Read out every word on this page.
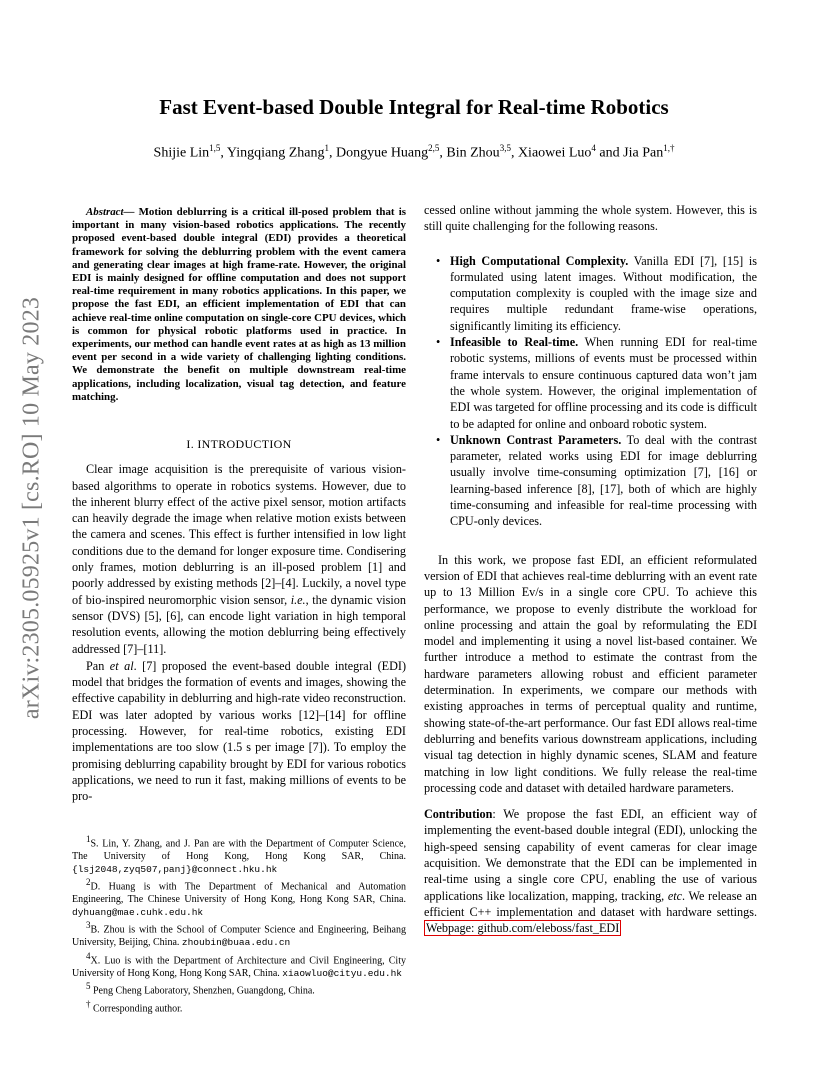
Fast Event-based Double Integral for Real-time Robotics
Shijie Lin$^{1,5}$, Yingqiang Zhang$^1$, Dongyue Huang$^{2,5}$, Bin Zhou$^{3,5}$, Xiaowei Luo$^4$ and Jia Pan$^{1,\dagger}$
arXiv:2305.05925v1 [cs.RO] 10 May 2023

Abstract— Motion deblurring is a critical ill-posed problem that is important in many vision-based robotics applications. The recently proposed event-based double integral (EDI) provides a theoretical framework for solving the deblurring problem with the event camera and generating clear images at high frame-rate. However, the original EDI is mainly designed for offline computation and does not support real-time requirement in many robotics applications. In this paper, we propose the fast EDI, an efficient implementation of EDI that can achieve real-time online computation on single-core CPU devices, which is common for physical robotic platforms used in practice. In experiments, our method can handle event rates at as high as 13 million event per second in a wide variety of challenging lighting conditions. We demonstrate the benefit on multiple downstream real-time applications, including localization, visual tag detection, and feature matching.

I. INTRODUCTION

Clear image acquisition is the prerequisite of various vision-based algorithms to operate in robotics systems. However, due to the inherent blurry effect of the active pixel sensor, motion artifacts can heavily degrade the image when relative motion exists between the camera and scenes. This effect is further intensified in low light conditions due to the demand for longer exposure time. Condisering only frames, motion deblurring is an ill-posed problem [1] and poorly addressed by existing methods [2]–[4]. Luckily, a novel type of bio-inspired neuromorphic vision sensor, i.e., the dynamic vision sensor (DVS) [5], [6], can encode light variation in high temporal resolution events, allowing the motion deblurring being effectively addressed [7]–[11].

Pan et al. [7] proposed the event-based double integral (EDI) model that bridges the formation of events and images, showing the effective capability in deblurring and high-rate video reconstruction. EDI was later adopted by various works [12]–[14] for offline processing. However, for real-time robotics, existing EDI implementations are too slow (1.5 s per image [7]). To employ the promising deblurring capability brought by EDI for various robotics applications, we need to run it fast, making millions of events to be pro-

$^1$S. Lin, Y. Zhang, and J. Pan are with the Department of Computer Science, The University of Hong Kong, Hong Kong SAR, China. {lsj2048,zyq507,panj}@connect.hku.hk

$^2$D. Huang is with The Department of Mechanical and Automation Engineering, The Chinese University of Hong Kong, Hong Kong SAR, China. dyhuang@mae.cuhk.edu.hk

$^3$B. Zhou is with the School of Computer Science and Engineering, Beihang University, Beijing, China. zhoubin@buaa.edu.cn

$^4$X. Luo is with the Department of Architecture and Civil Engineering, City University of Hong Kong, Hong Kong SAR, China. xiaowluo@cityu.edu.hk

$^5$ Peng Cheng Laboratory, Shenzhen, Guangdong, China.

† Corresponding author.

cessed online without jamming the whole system. However, this is still quite challenging for the following reasons.

• High Computational Complexity. Vanilla EDI [7], [15] is formulated using latent images. Without modification, the computation complexity is coupled with the image size and requires multiple redundant frame-wise operations, significantly limiting its efficiency.
• Infeasible to Real-time. When running EDI for real-time robotic systems, millions of events must be processed within frame intervals to ensure continuous captured data won’t jam the whole system. However, the original implementation of EDI was targeted for offline processing and its code is difficult to be adapted for online and onboard robotic system.
• Unknown Contrast Parameters. To deal with the contrast parameter, related works using EDI for image deblurring usually involve time-consuming optimization [7], [16] or learning-based inference [8], [17], both of which are highly time-consuming and infeasible for real-time processing with CPU-only devices.

In this work, we propose fast EDI, an efficient reformulated version of EDI that achieves real-time deblurring with an event rate up to 13 Million Ev/s in a single core CPU. To achieve this performance, we propose to evenly distribute the workload for online processing and attain the goal by reformulating the EDI model and implementing it using a novel list-based container. We further introduce a method to estimate the contrast from the hardware parameters allowing robust and efficient parameter determination. In experiments, we compare our methods with existing approaches in terms of perceptual quality and runtime, showing state-of-the-art performance. Our fast EDI allows real-time deblurring and benefits various downstream applications, including visual tag detection in highly dynamic scenes, SLAM and feature matching in low light conditions. We fully release the real-time processing code and dataset with detailed hardware parameters.

Contribution: We propose the fast EDI, an efficient way of implementing the event-based double integral (EDI), unlocking the high-speed sensing capability of event cameras for clear image acquisition. We demonstrate that the EDI can be implemented in real-time using a single core CPU, enabling the use of various applications like localization, mapping, tracking, etc. We release an efficient C++ implementation and dataset with hardware settings. Webpage: github.com/eleboss/fast_EDI
